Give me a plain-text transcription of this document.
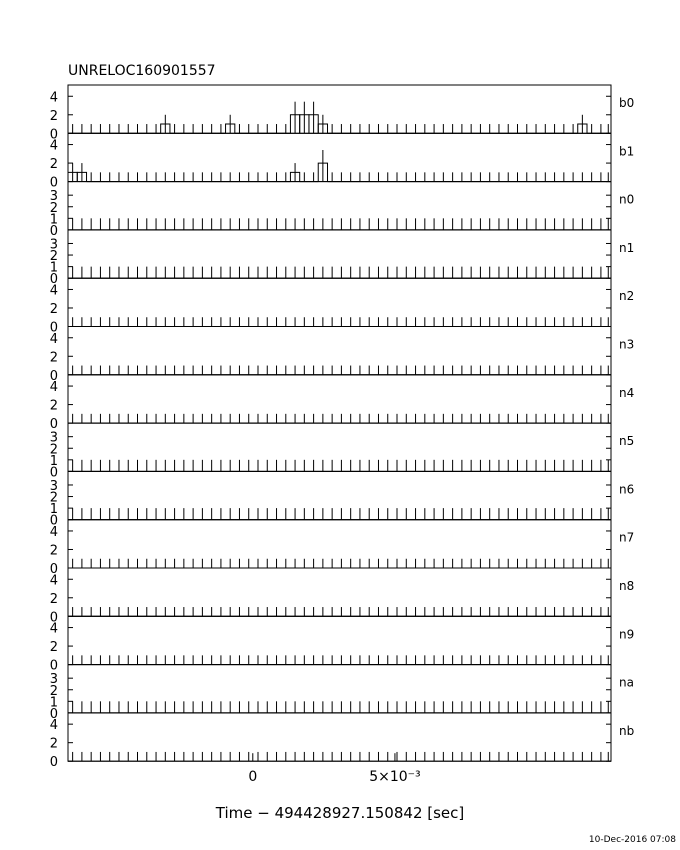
UNRELOC160901557
0
2
4	b0
0
2
4	b1
0
1
2
3	n0
0
1
2
3	n1
0
2
4	n2
0
2
4	n3
0
2
4	n4
0
1
2
3	n5
0
1
2
3	n6
0
2
4	n7
0
2
4	n8
0
2
4	n9
0
1
2
3	na
0
2
4	nb
0	5×10⁻³
Time − 494428927.150842 [sec]
10-Dec-2016 07:08
